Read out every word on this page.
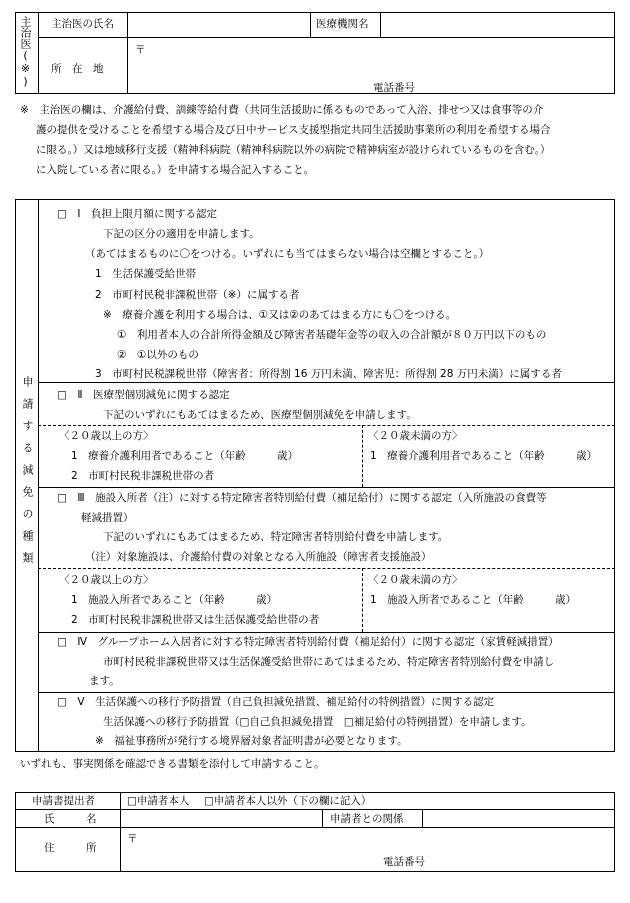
主治医(※) 主治医の氏名	医療機関名
所　在　地
〒
電話番号
※　主治医の欄は、介護給付費、訓練等給付費（共同生活援助に係るものであって入浴、排せつ又は食事等の介
護の提供を受けることを希望する場合及び日中サービス支援型指定共同生活援助事業所の利用を希望する場合
に限る。）又は地域移行支援（精神科病院（精神科病院以外の病院で精神病室が設けられているものを含む。）
に入院している者に限る。）を申請する場合記入すること。
申請する減免の種類
□　Ⅰ　負担上限月額に関する認定
下記の区分の適用を申請します。
（あてはまるものに〇をつける。いずれにも当てはまらない場合は空欄とすること。）
1　生活保護受給世帯
2　市町村民税非課税世帯（※）に属する者
※　療養介護を利用する場合は、①又は②のあてはまる方にも〇をつける。
①　利用者本人の合計所得金額及び障害者基礎年金等の収入の合計額が８０万円以下のもの
②　①以外のもの
3　市町村民税課税世帯（障害者：所得割 16 万円未満、障害児：所得割 28 万円未満）に属する者
□　Ⅱ　医療型個別減免に関する認定
下記のいずれにもあてはまるため、医療型個別減免を申請します。
〈２０歳以上の方〉
1　療養介護利用者であること（年齢　　　歳）
2　市町村民税非課税世帯の者
〈２０歳未満の方〉
1　療養介護利用者であること（年齢　　　歳）
□　Ⅲ　施設入所者（注）に対する特定障害者特別給付費（補足給付）に関する認定（入所施設の食費等
軽減措置）
下記のいずれにもあてはまるため、特定障害者特別給付費を申請します。
（注）対象施設は、介護給付費の対象となる入所施設（障害者支援施設）
〈２０歳以上の方〉
1　施設入所者であること（年齢　　　歳）
2　市町村民税非課税世帯又は生活保護受給世帯の者
〈２０歳未満の方〉
1　施設入所者であること（年齢　　　歳）
□　Ⅳ　グループホーム入居者に対する特定障害者特別給付費（補足給付）に関する認定（家賃軽減措置）
市町村民税非課税世帯又は生活保護受給世帯にあてはまるため、特定障害者特別給付費を申請し
ます。
□　Ⅴ　生活保護への移行予防措置（自己負担減免措置、補足給付の特例措置）に関する認定
生活保護への移行予防措置（□自己負担減免措置　□補足給付の特例措置）を申請します。
※　福祉事務所が発行する境界層対象者証明書が必要となります。
いずれも、事実関係を確認できる書類を添付して申請すること。
申請書提出者	□申請者本人 □申請者本人以外（下の欄に記入）
氏　　　名	申請者との関係
住　　　所
〒
電話番号
